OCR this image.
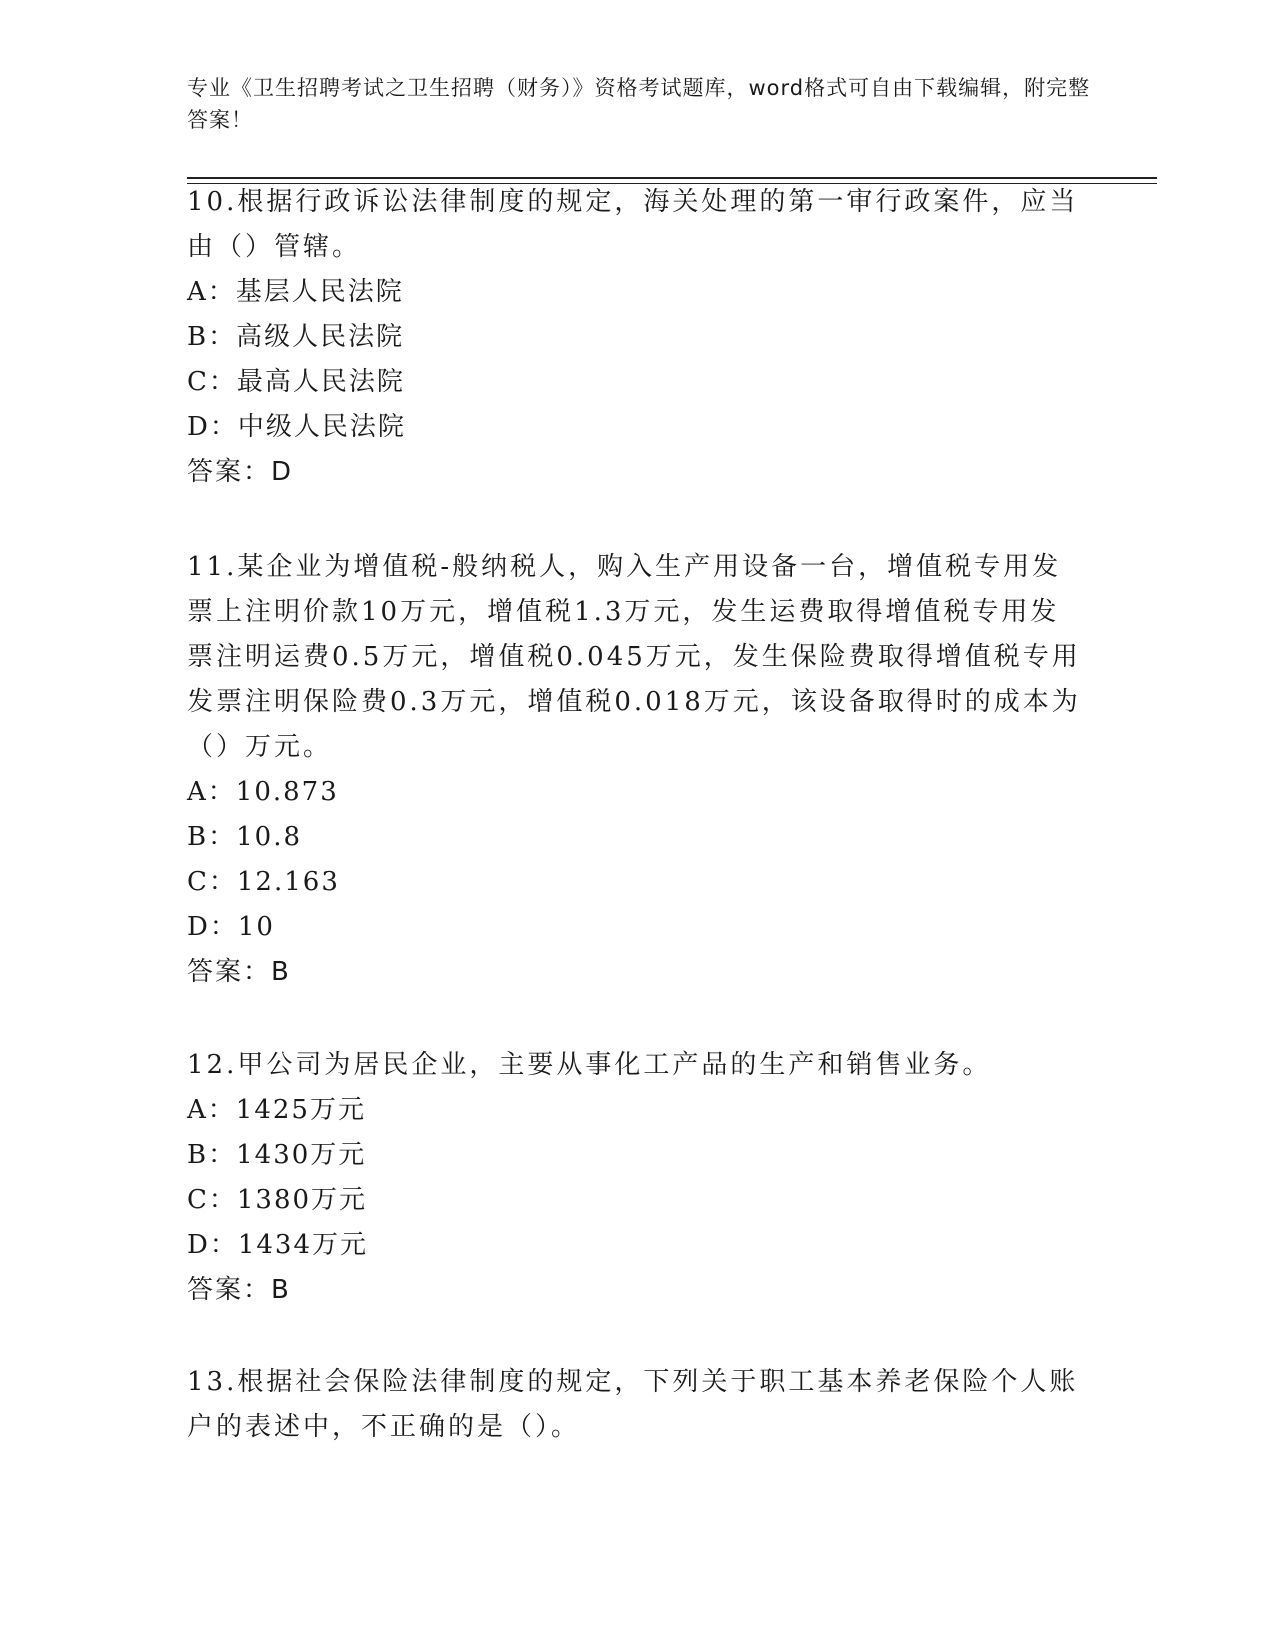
专业《卫生招聘考试之卫生招聘（财务）》资格考试题库，word格式可自由下载编辑，附完整答案！

10.根据行政诉讼法律制度的规定，海关处理的第一审行政案件，应当由（）管辖。

A：基层人民法院

B：高级人民法院

C：最高人民法院

D：中级人民法院

答案：D

11.某企业为增值税-般纳税人，购入生产用设备一台，增值税专用发票上注明价款10万元，增值税1.3万元，发生运费取得增值税专用发票注明运费0.5万元，增值税0.045万元，发生保险费取得增值税专用发票注明保险费0.3万元，增值税0.018万元，该设备取得时的成本为（）万元。

A：10.873

B：10.8

C：12.163

D：10

答案：B

12.甲公司为居民企业，主要从事化工产品的生产和销售业务。

A：1425万元

B：1430万元

C：1380万元

D：1434万元

答案：B

13.根据社会保险法律制度的规定，下列关于职工基本养老保险个人账户的表述中，不正确的是（）。
